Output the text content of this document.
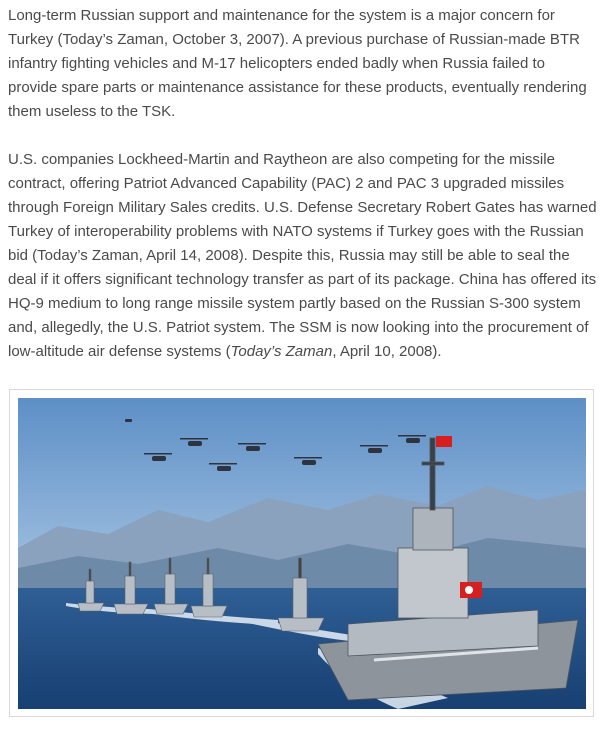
Long-term Russian support and maintenance for the system is a major concern for Turkey (Today’s Zaman, October 3, 2007). A previous purchase of Russian-made BTR infantry fighting vehicles and M-17 helicopters ended badly when Russia failed to provide spare parts or maintenance assistance for these products, eventually rendering them useless to the TSK.

U.S. companies Lockheed-Martin and Raytheon are also competing for the missile contract, offering Patriot Advanced Capability (PAC) 2 and PAC 3 upgraded missiles through Foreign Military Sales credits. U.S. Defense Secretary Robert Gates has warned Turkey of interoperability problems with NATO systems if Turkey goes with the Russian bid (Today’s Zaman, April 14, 2008). Despite this, Russia may still be able to seal the deal if it offers significant technology transfer as part of its package. China has offered its HQ-9 medium to long range missile system partly based on the Russian S-300 system and, allegedly, the U.S. Patriot system. The SSM is now looking into the procurement of low-altitude air defense systems (Today’s Zaman, April 10, 2008).
